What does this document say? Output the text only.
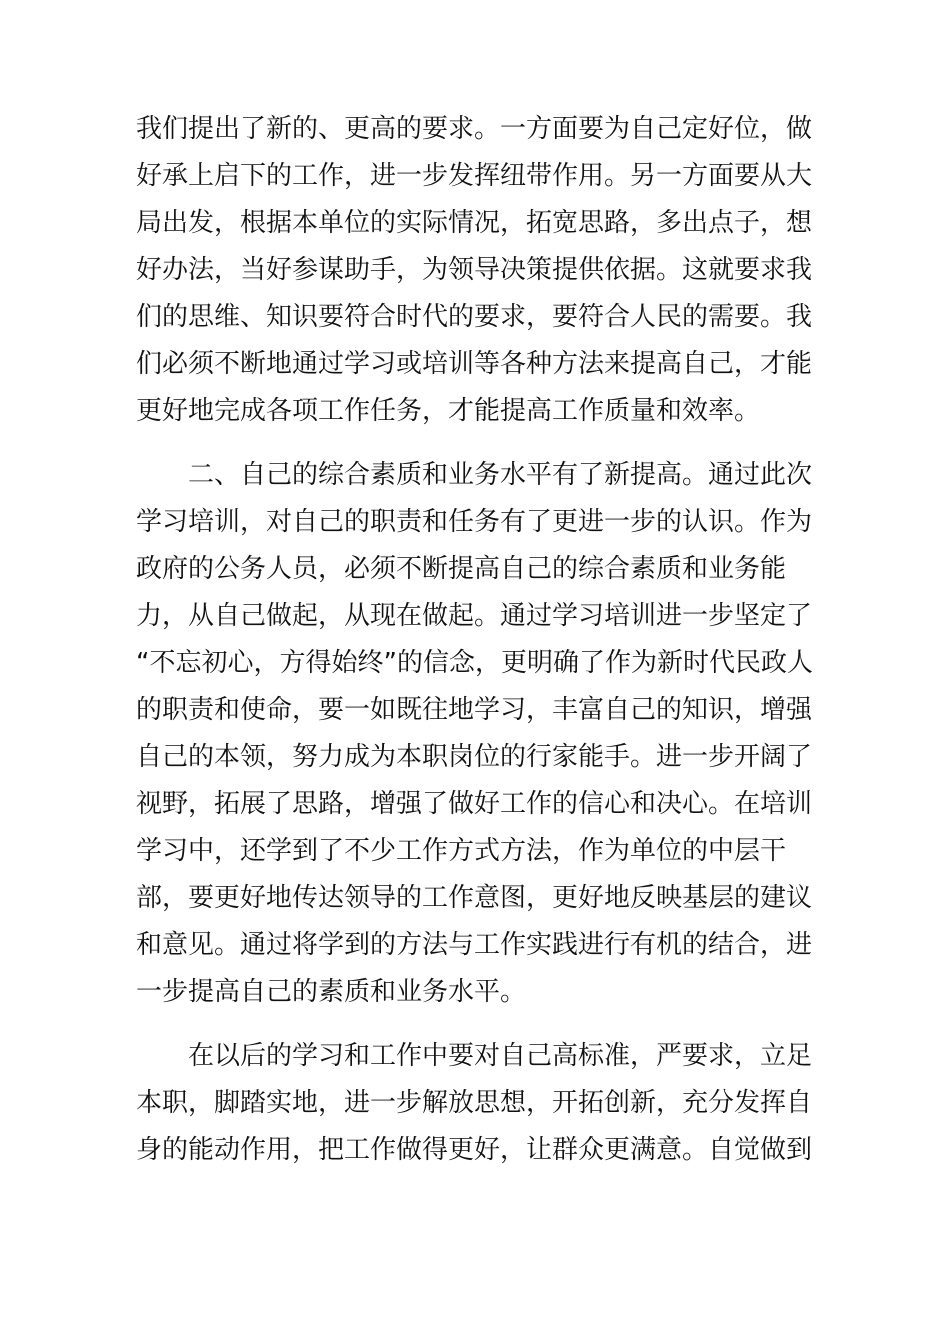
我们提出了新的、更高的要求。一方面要为自己定好位，做
好承上启下的工作，进一步发挥纽带作用。另一方面要从大
局出发，根据本单位的实际情况，拓宽思路，多出点子，想
好办法，当好参谋助手，为领导决策提供依据。这就要求我
们的思维、知识要符合时代的要求，要符合人民的需要。我
们必须不断地通过学习或培训等各种方法来提高自己，才能
更好地完成各项工作任务，才能提高工作质量和效率。
　　二、自己的综合素质和业务水平有了新提高。通过此次
学习培训，对自己的职责和任务有了更进一步的认识。作为
政府的公务人员，必须不断提高自己的综合素质和业务能
力，从自己做起，从现在做起。通过学习培训进一步坚定了
“不忘初心，方得始终”的信念，更明确了作为新时代民政人
的职责和使命，要一如既往地学习，丰富自己的知识，增强
自己的本领，努力成为本职岗位的行家能手。进一步开阔了
视野，拓展了思路，增强了做好工作的信心和决心。在培训
学习中，还学到了不少工作方式方法，作为单位的中层干
部，要更好地传达领导的工作意图，更好地反映基层的建议
和意见。通过将学到的方法与工作实践进行有机的结合，进
一步提高自己的素质和业务水平。
　　在以后的学习和工作中要对自己高标准，严要求，立足
本职，脚踏实地，进一步解放思想，开拓创新，充分发挥自
身的能动作用，把工作做得更好，让群众更满意。自觉做到
